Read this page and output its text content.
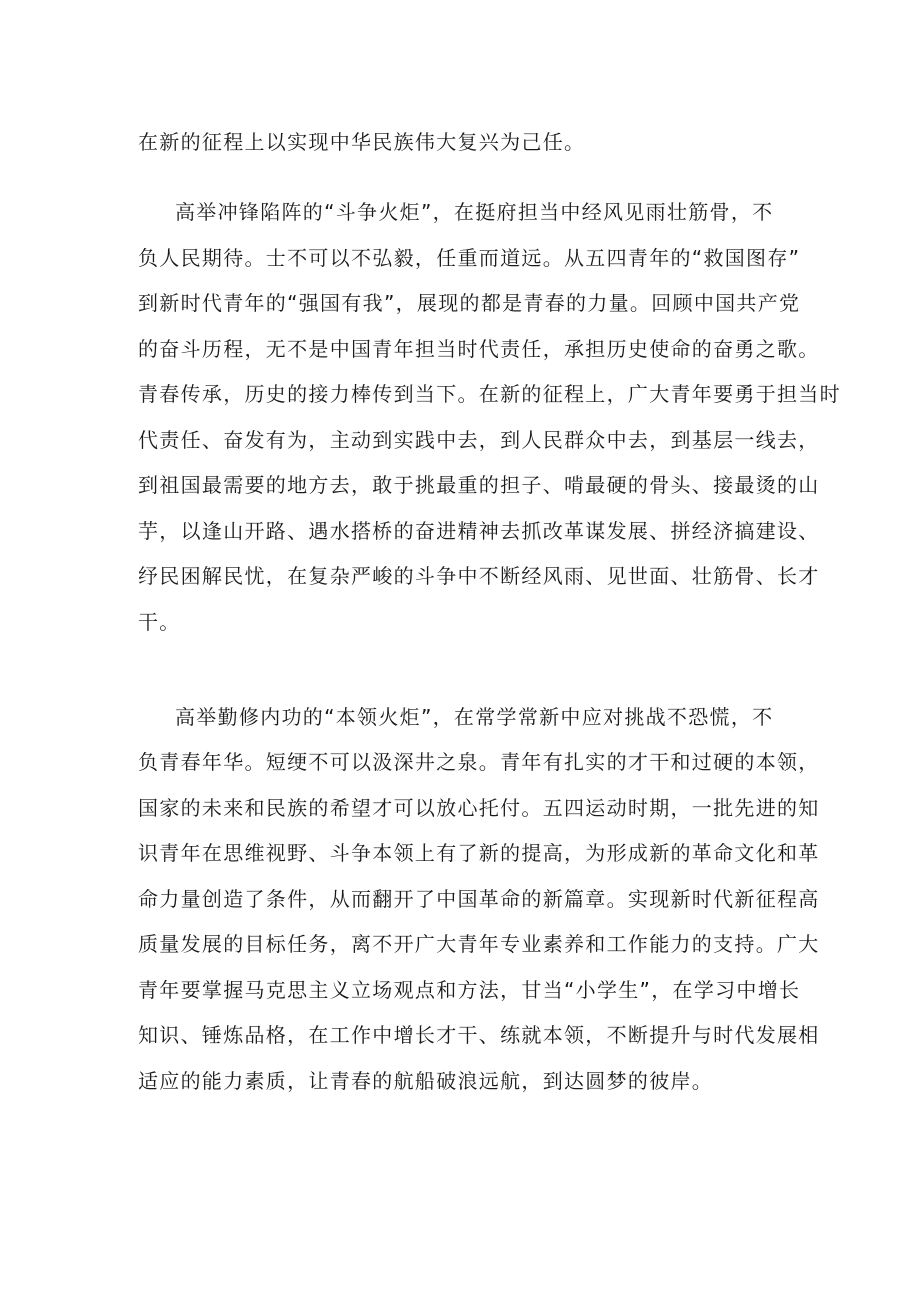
在新的征程上以实现中华民族伟大复兴为己任。
高举冲锋陷阵的“斗争火炬”，在挺府担当中经风见雨壮筋骨，不
负人民期待。士不可以不弘毅，任重而道远。从五四青年的“救国图存”
到新时代青年的“强国有我”，展现的都是青春的力量。回顾中国共产党
的奋斗历程，无不是中国青年担当时代责任，承担历史使命的奋勇之歌。
青春传承，历史的接力棒传到当下。在新的征程上，广大青年要勇于担当时
代责任、奋发有为，主动到实践中去，到人民群众中去，到基层一线去，
到祖国最需要的地方去，敢于挑最重的担子、啃最硬的骨头、接最烫的山
芋，以逢山开路、遇水搭桥的奋进精神去抓改革谋发展、拼经济搞建设、
纾民困解民忧，在复杂严峻的斗争中不断经风雨、见世面、壮筋骨、长才
干。
高举勤修内功的“本领火炬”，在常学常新中应对挑战不恐慌，不
负青春年华。短绠不可以汲深井之泉。青年有扎实的才干和过硬的本领，
国家的未来和民族的希望才可以放心托付。五四运动时期，一批先进的知
识青年在思维视野、斗争本领上有了新的提高，为形成新的革命文化和革
命力量创造了条件，从而翻开了中国革命的新篇章。实现新时代新征程高
质量发展的目标任务，离不开广大青年专业素养和工作能力的支持。广大
青年要掌握马克思主义立场观点和方法，甘当“小学生”，在学习中增长
知识、锤炼品格，在工作中增长才干、练就本领，不断提升与时代发展相
适应的能力素质，让青春的航船破浪远航，到达圆梦的彼岸。
